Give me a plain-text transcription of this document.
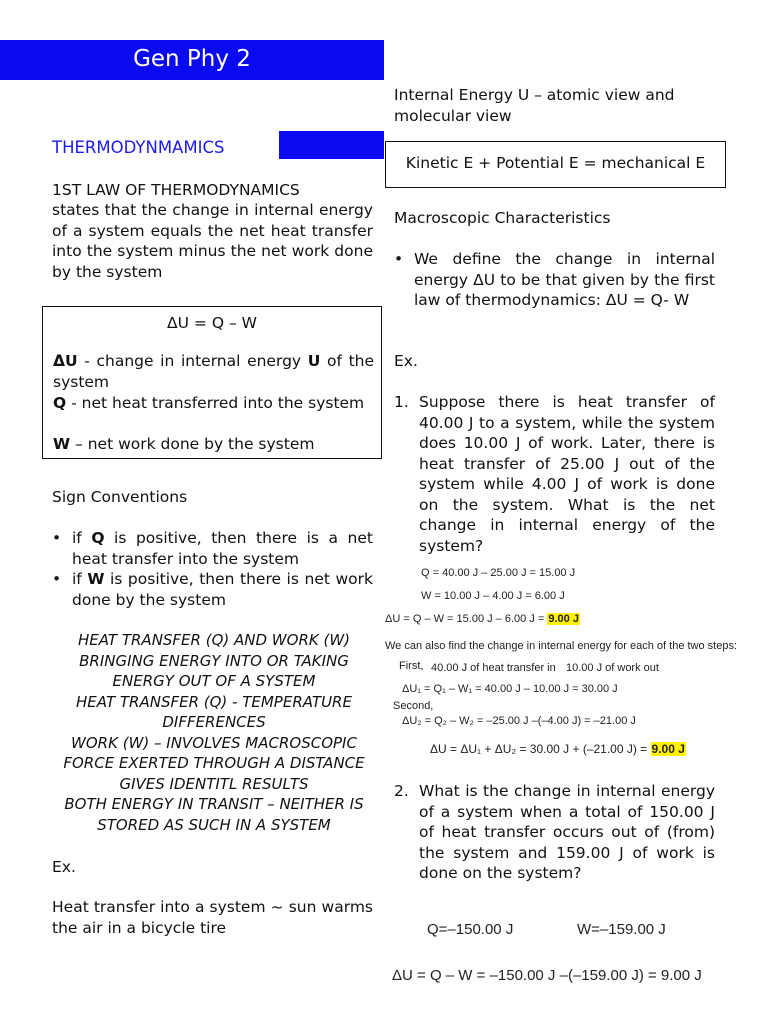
Gen Phy 2
THERMODYNMAMICS
1ST LAW OF THERMODYNAMICS

states that the change in internal energy of a system equals the net heat transfer into the system minus the net work done by the system

ΔU = Q – W

ΔU - change in internal energy U of the system

Q - net heat transferred into the system

W – net work done by the system

Sign Conventions
• if Q is positive, then there is a net heat transfer into the system
• if W is positive, then there is net work done by the system
HEAT TRANSFER (Q) AND WORK (W)
BRINGING ENERGY INTO OR TAKING
ENERGY OUT OF A SYSTEM
HEAT TRANSFER (Q) - TEMPERATURE
DIFFERENCES
WORK (W) – INVOLVES MACROSCOPIC
FORCE EXERTED THROUGH A DISTANCE
GIVES IDENTITL RESULTS
BOTH ENERGY IN TRANSIT – NEITHER IS
STORED AS SUCH IN A SYSTEM
Ex.

Heat transfer into a system ~ sun warms the air in a bicycle tire

Internal Energy U – atomic view and molecular view

Kinetic E + Potential E = mechanical E
Macroscopic Characteristics
• We define the change in internal energy ΔU to be that given by the first law of thermodynamics: ΔU = Q- W
Ex.
1. Suppose there is heat transfer of 40.00 J to a system, while the system does 10.00 J of work. Later, there is heat transfer of 25.00 J out of the system while 4.00 J of work is done on the system. What is the net change in internal energy of the system?
Q = 40.00 J – 25.00 J = 15.00 J
W = 10.00 J – 4.00 J = 6.00 J
ΔU = Q – W = 15.00 J – 6.00 J = 9.00 J
We can also find the change in internal energy for each of the two steps:
First, 40.00 J of heat transfer in 10.00 J of work out
ΔU₁ = Q₁ – W₁ = 40.00 J – 10.00 J = 30.00 J
Second,
ΔU₂ = Q₂ – W₂ = –25.00 J –(–4.00 J) = –21.00 J
ΔU = ΔU₁ + ΔU₂ = 30.00 J + (–21.00 J) = 9.00 J
2. What is the change in internal energy of a system when a total of 150.00 J of heat transfer occurs out of (from) the system and 159.00 J of work is done on the system?
Q=–150.00 J	W=–159.00 J
ΔU = Q – W = –150.00 J –(–159.00 J) = 9.00 J
